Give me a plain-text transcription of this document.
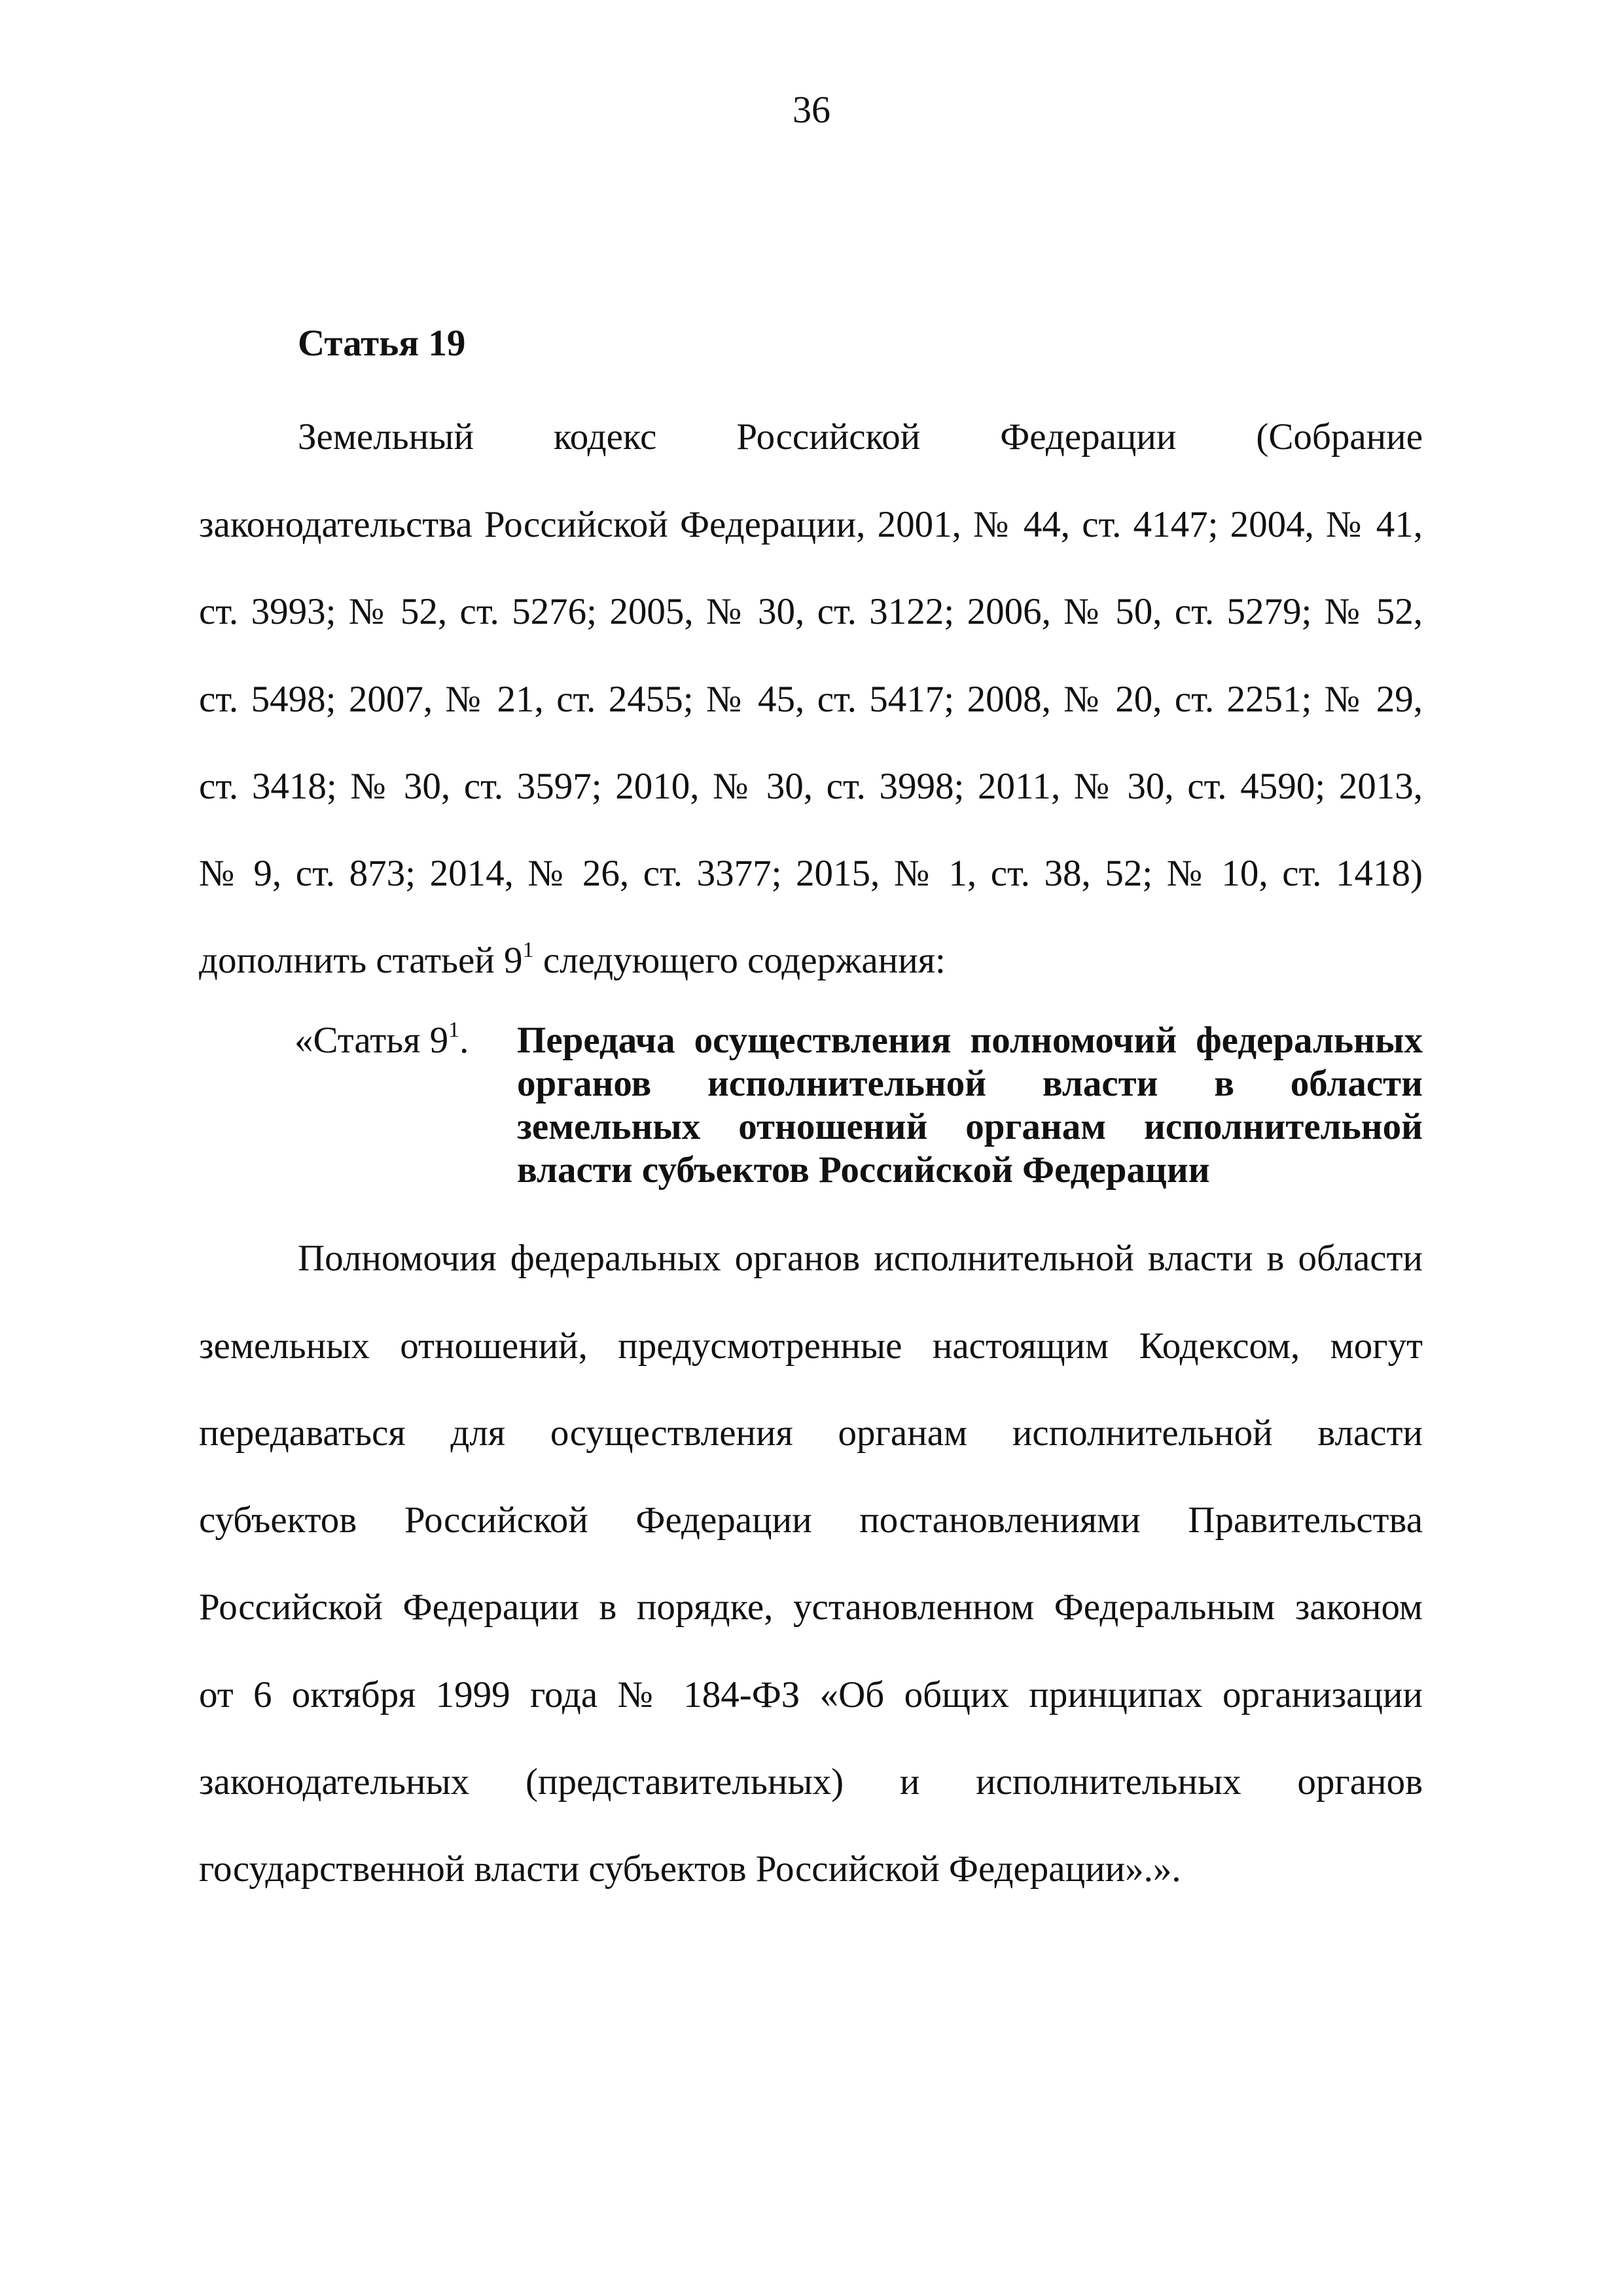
36
Статья 19
Земельный кодекс Российской Федерации (Собрание
законодательства Российской Федерации, 2001, № 44, ст. 4147; 2004, № 41,
ст. 3993; № 52, ст. 5276; 2005, № 30, ст. 3122; 2006, № 50, ст. 5279; № 52,
ст. 5498; 2007, № 21, ст. 2455; № 45, ст. 5417; 2008, № 20, ст. 2251; № 29,
ст. 3418; № 30, ст. 3597; 2010, № 30, ст. 3998; 2011, № 30, ст. 4590; 2013,
№ 9, ст. 873; 2014, № 26, ст. 3377; 2015, № 1, ст. 38, 52; № 10, ст. 1418)
дополнить статьей $9^1$ следующего содержания:
«Статья $9^1$. Передача осуществления полномочий федеральных
органов исполнительной власти в области
земельных отношений органам исполнительной
власти субъектов Российской Федерации
Полномочия федеральных органов исполнительной власти в области
земельных отношений, предусмотренные настоящим Кодексом, могут
передаваться для осуществления органам исполнительной власти
субъектов Российской Федерации постановлениями Правительства
Российской Федерации в порядке, установленном Федеральным законом
от 6 октября 1999 года № 184-ФЗ «Об общих принципах организации
законодательных (представительных) и исполнительных органов
государственной власти субъектов Российской Федерации».».
